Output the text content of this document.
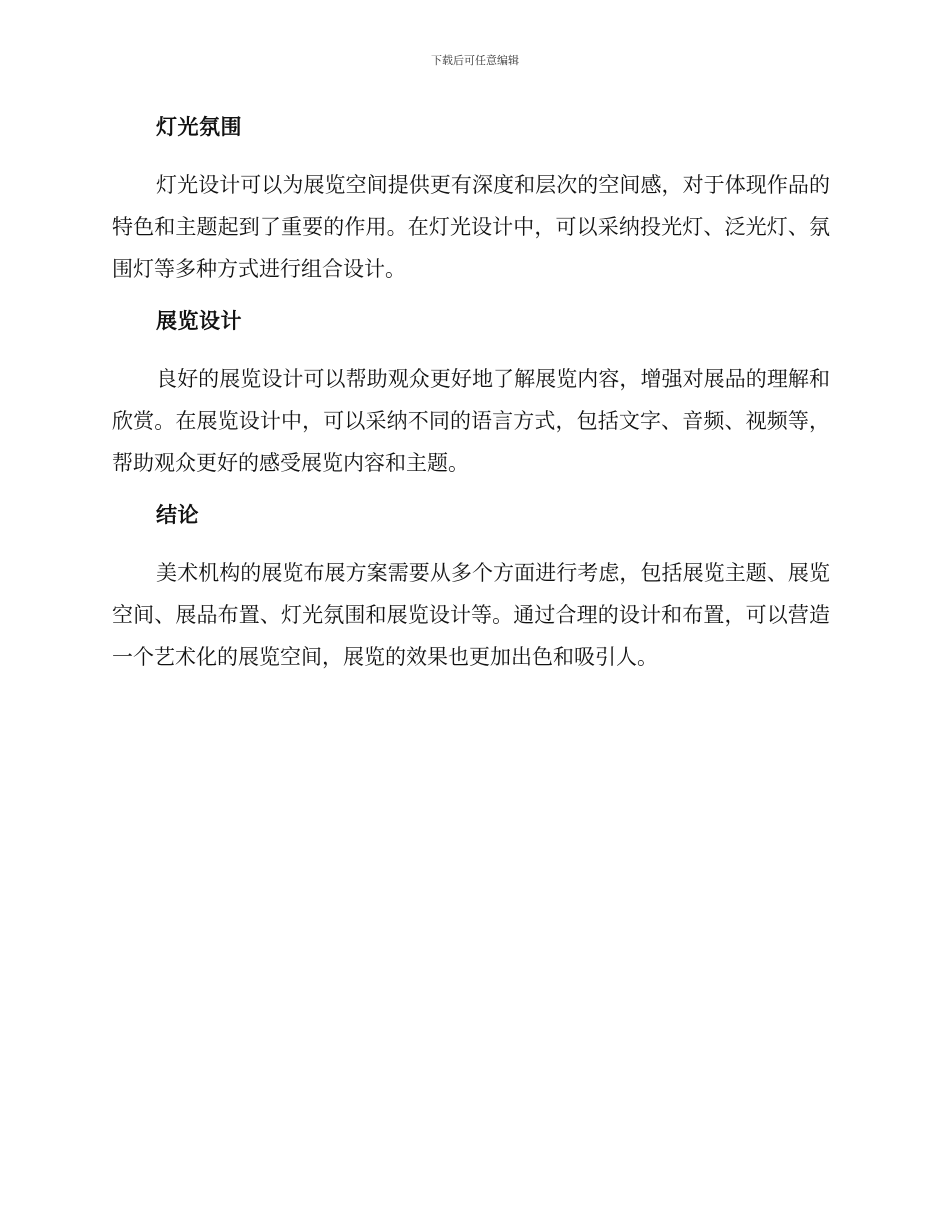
下载后可任意编辑
灯光氛围

灯光设计可以为展览空间提供更有深度和层次的空间感，对于体现作品的特色和主题起到了重要的作用。在灯光设计中，可以采纳投光灯、泛光灯、氛围灯等多种方式进行组合设计。

展览设计

良好的展览设计可以帮助观众更好地了解展览内容，增强对展品的理解和欣赏。在展览设计中，可以采纳不同的语言方式，包括文字、音频、视频等，帮助观众更好的感受展览内容和主题。

结论

美术机构的展览布展方案需要从多个方面进行考虑，包括展览主题、展览空间、展品布置、灯光氛围和展览设计等。通过合理的设计和布置，可以营造一个艺术化的展览空间，展览的效果也更加出色和吸引人。
